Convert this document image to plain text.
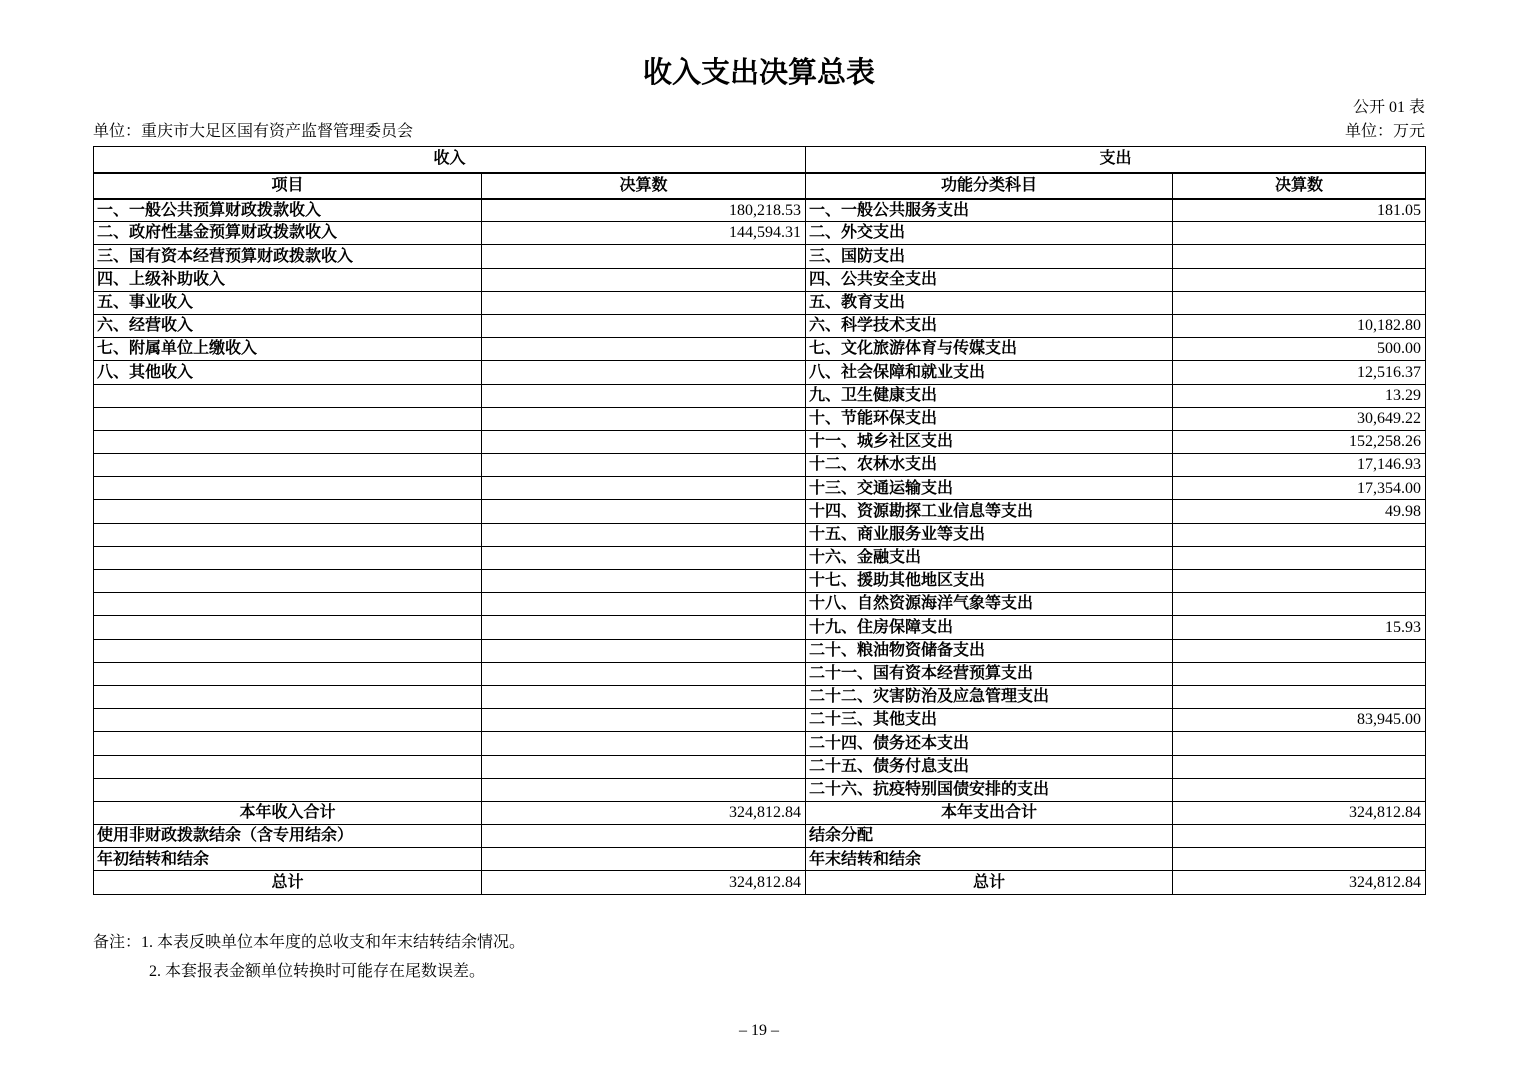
收入支出决算总表
公开 01 表
单位：重庆市大足区国有资产监督管理委员会	单位：万元
收入		支出	
项目	决算数	功能分类科目	决算数
一、一般公共预算财政拨款收入	180,218.53	一、一般公共服务支出	181.05
二、政府性基金预算财政拨款收入	144,594.31	二、外交支出	
三、国有资本经营预算财政拨款收入		三、国防支出	
四、上级补助收入		四、公共安全支出	
五、事业收入		五、教育支出	
六、经营收入		六、科学技术支出	10,182.80
七、附属单位上缴收入		七、文化旅游体育与传媒支出	500.00
八、其他收入		八、社会保障和就业支出	12,516.37
		九、卫生健康支出	13.29
		十、节能环保支出	30,649.22
		十一、城乡社区支出	152,258.26
		十二、农林水支出	17,146.93
		十三、交通运输支出	17,354.00
		十四、资源勘探工业信息等支出	49.98
		十五、商业服务业等支出	
		十六、金融支出	
		十七、援助其他地区支出	
		十八、自然资源海洋气象等支出	
		十九、住房保障支出	15.93
		二十、粮油物资储备支出	
		二十一、国有资本经营预算支出	
		二十二、灾害防治及应急管理支出	
		二十三、其他支出	83,945.00
		二十四、债务还本支出	
		二十五、债务付息支出	
		二十六、抗疫特别国债安排的支出	
本年收入合计	324,812.84	本年支出合计	324,812.84
使用非财政拨款结余（含专用结余）		结余分配	
年初结转和结余		年末结转和结余	
总计	324,812.84	总计	324,812.84
备注：1. 本表反映单位本年度的总收支和年末结转结余情况。
2. 本套报表金额单位转换时可能存在尾数误差。
– 19 –
